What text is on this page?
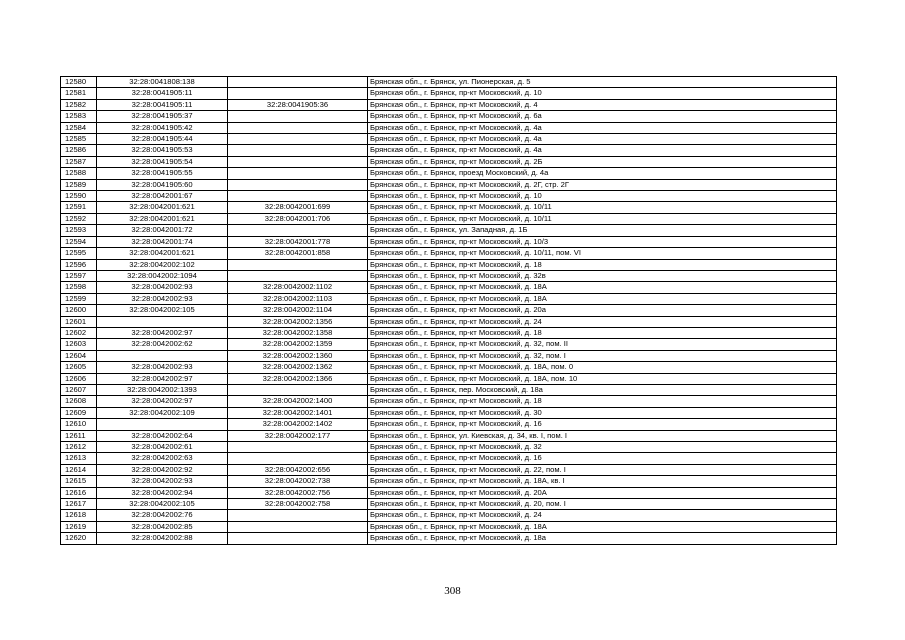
12580	32:28:0041808:138		Брянская обл., г. Брянск, ул. Пионерская, д. 5
12581	32:28:0041905:11		Брянская обл., г. Брянск, пр-кт Московский, д. 10
12582	32:28:0041905:11	32:28:0041905:36	Брянская обл., г. Брянск, пр-кт Московский, д. 4
12583	32:28:0041905:37		Брянская обл., г. Брянск, пр-кт Московский, д. 6а
12584	32:28:0041905:42		Брянская обл., г. Брянск, пр-кт Московский, д. 4а
12585	32:28:0041905:44		Брянская обл., г. Брянск, пр-кт Московский, д. 4а
12586	32:28:0041905:53		Брянская обл., г. Брянск, пр-кт Московский, д. 4а
12587	32:28:0041905:54		Брянская обл., г. Брянск, пр-кт Московский, д. 2Б
12588	32:28:0041905:55		Брянская обл., г. Брянск, проезд Московский, д. 4а
12589	32:28:0041905:60		Брянская обл., г. Брянск, пр-кт Московский, д. 2Г, стр. 2Г
12590	32:28:0042001:67		Брянская обл., г. Брянск, пр-кт Московский, д. 10
12591	32:28:0042001:621	32:28:0042001:699	Брянская обл., г. Брянск, пр-кт Московский, д. 10/11
12592	32:28:0042001:621	32:28:0042001:706	Брянская обл., г. Брянск, пр-кт Московский, д. 10/11
12593	32:28:0042001:72		Брянская обл., г. Брянск, ул. Западная, д. 1Б
12594	32:28:0042001:74	32:28:0042001:778	Брянская обл., г. Брянск, пр-кт Московский, д. 10/3
12595	32:28:0042001:621	32:28:0042001:858	Брянская обл., г. Брянск, пр-кт Московский, д. 10/11, пом. VI
12596	32:28:0042002:102		Брянская обл., г. Брянск, пр-кт Московский, д. 18
12597	32:28:0042002:1094		Брянская обл., г. Брянск, пр-кт Московский, д. 32в
12598	32:28:0042002:93	32:28:0042002:1102	Брянская обл., г. Брянск, пр-кт Московский, д. 18А
12599	32:28:0042002:93	32:28:0042002:1103	Брянская обл., г. Брянск, пр-кт Московский, д. 18А
12600	32:28:0042002:105	32:28:0042002:1104	Брянская обл., г. Брянск, пр-кт Московский, д. 20а
12601		32:28:0042002:1356	Брянская обл., г. Брянск, пр-кт Московский, д. 24
12602	32:28:0042002:97	32:28:0042002:1358	Брянская обл., г. Брянск, пр-кт Московский, д. 18
12603	32:28:0042002:62	32:28:0042002:1359	Брянская обл., г. Брянск, пр-кт Московский, д. 32, пом. II
12604		32:28:0042002:1360	Брянская обл., г. Брянск, пр-кт Московский, д. 32, пом. I
12605	32:28:0042002:93	32:28:0042002:1362	Брянская обл., г. Брянск, пр-кт Московский, д. 18А, пом. 0
12606	32:28:0042002:97	32:28:0042002:1366	Брянская обл., г. Брянск, пр-кт Московский, д. 18А, пом. 10
12607	32:28:0042002:1393		Брянская обл., г. Брянск, пер. Московский, д. 18а
12608	32:28:0042002:97	32:28:0042002:1400	Брянская обл., г. Брянск, пр-кт Московский, д. 18
12609	32:28:0042002:109	32:28:0042002:1401	Брянская обл., г. Брянск, пр-кт Московский, д. 30
12610		32:28:0042002:1402	Брянская обл., г. Брянск, пр-кт Московский, д. 16
12611	32:28:0042002:64	32:28:0042002:177	Брянская обл., г. Брянск, ул. Киевская, д. 34, кв. I, пом. I
12612	32:28:0042002:61		Брянская обл., г. Брянск, пр-кт Московский, д. 32
12613	32:28:0042002:63		Брянская обл., г. Брянск, пр-кт Московский, д. 16
12614	32:28:0042002:92	32:28:0042002:656	Брянская обл., г. Брянск, пр-кт Московский, д. 22, пом. I
12615	32:28:0042002:93	32:28:0042002:738	Брянская обл., г. Брянск, пр-кт Московский, д. 18А, кв. I
12616	32:28:0042002:94	32:28:0042002:756	Брянская обл., г. Брянск, пр-кт Московский, д. 20А
12617	32:28:0042002:105	32:28:0042002:758	Брянская обл., г. Брянск, пр-кт Московский, д. 20, пом. I
12618	32:28:0042002:76		Брянская обл., г. Брянск, пр-кт Московский, д. 24
12619	32:28:0042002:85		Брянская обл., г. Брянск, пр-кт Московский, д. 18А
12620	32:28:0042002:88		Брянская обл., г. Брянск, пр-кт Московский, д. 18а
308
